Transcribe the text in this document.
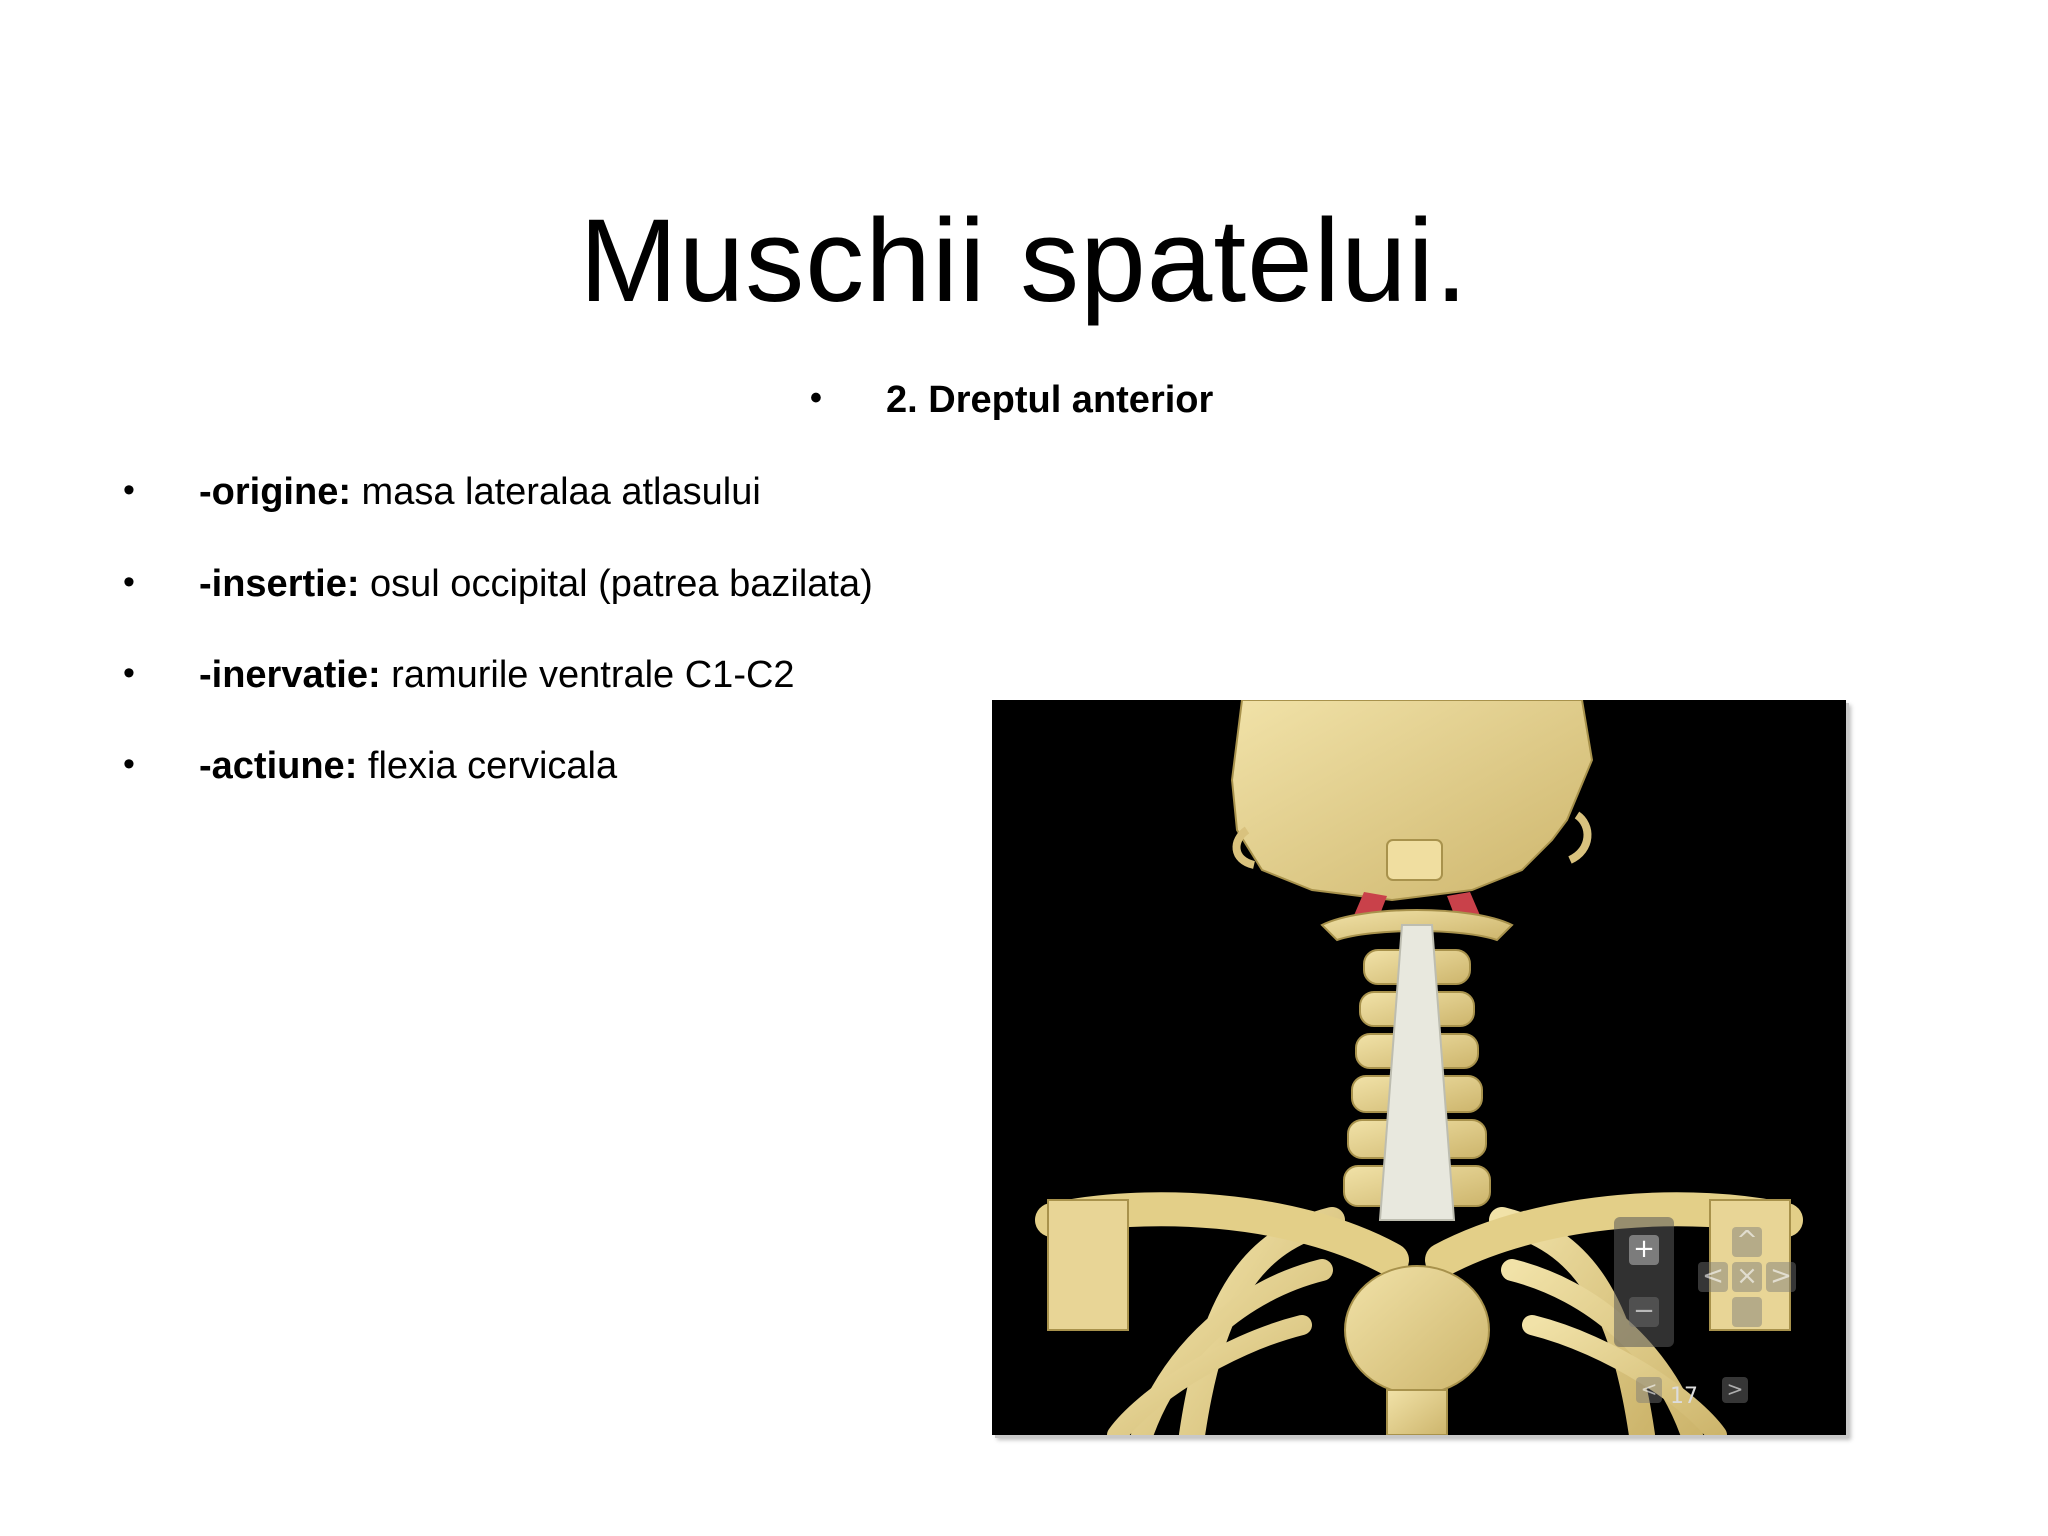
Muschii spatelui.
• 2. Dreptul anterior
• -origine: masa lateralaa atlasului
• -insertie: osul occipital (patrea bazilata)
• -inervatie: ramurile ventrale C1-C2
• -actiune: flexia cervicala
+
−
^
< × >
< 17 >
